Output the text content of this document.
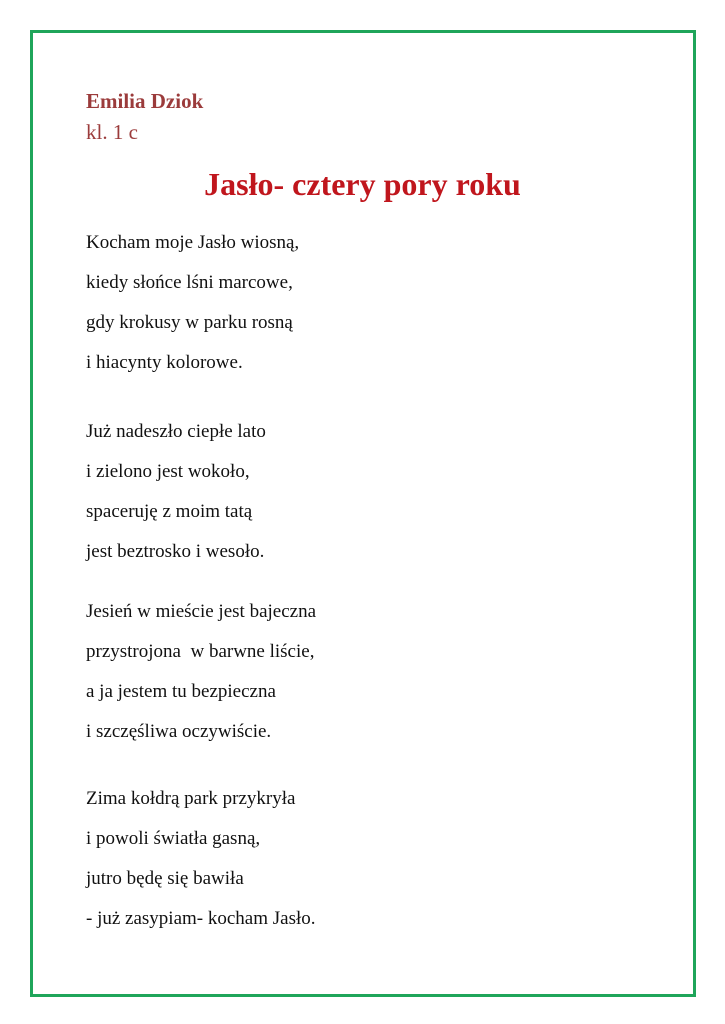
Emilia Dziok
kl. 1 c
Jasło- cztery pory roku
Kocham moje Jasło wiosną,
kiedy słońce lśni marcowe,
gdy krokusy w parku rosną
i hiacynty kolorowe.
Już nadeszło ciepłe lato
i zielono jest wokoło,
spaceruję z moim tatą
jest beztrosko i wesoło.
Jesień w mieście jest bajeczna
przystrojona  w barwne liście,
a ja jestem tu bezpieczna
i szczęśliwa oczywiście.
Zima kołdrą park przykryła
i powoli światła gasną,
jutro będę się bawiła
- już zasypiam- kocham Jasło.
